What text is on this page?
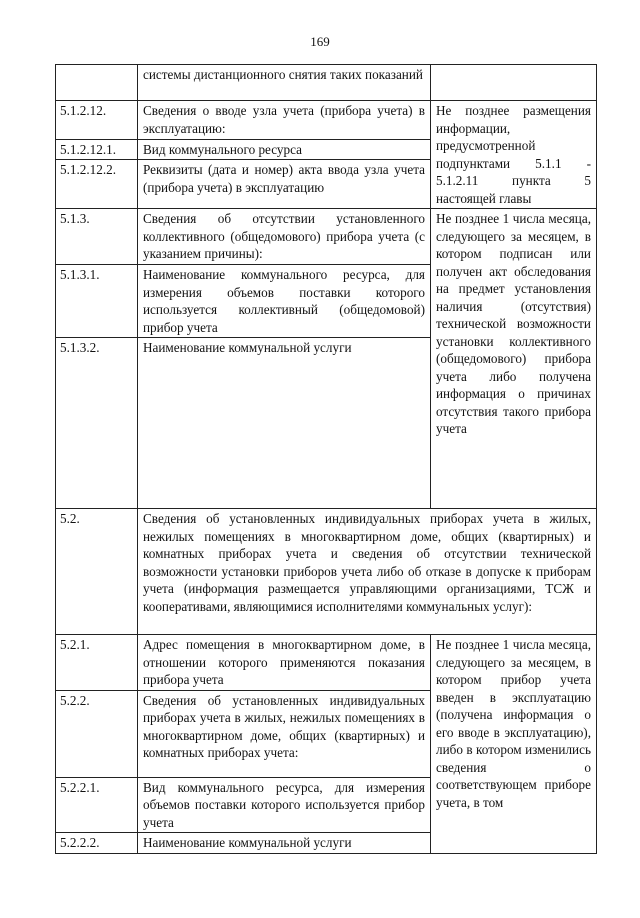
169
	системы дистанционного снятия таких показаний	
5.1.2.12.	Сведения о вводе узла учета (прибора учета) в эксплуатацию:	Не позднее размещения информации, предусмотренной подпунктами 5.1.1 - 5.1.2.11 пункта 5 настоящей главы
5.1.2.12.1.	Вид коммунального ресурса	
5.1.2.12.2.	Реквизиты (дата и номер) акта ввода узла учета (прибора учета) в эксплуатацию	
5.1.3.	Сведения об отсутствии установленного коллективного (общедомового) прибора учета (с указанием причины):	Не позднее 1 числа месяца, следующего за месяцем, в котором подписан или получен акт обследования на предмет установления наличия (отсутствия) технической возможности установки коллективного (общедомового) прибора учета либо получена информация о причинах отсутствия такого прибора учета
5.1.3.1.	Наименование коммунального ресурса, для измерения объемов поставки которого используется коллективный (общедомовой) прибор учета	
5.1.3.2.	Наименование коммунальной услуги	
5.2.	Сведения об установленных индивидуальных приборах учета в жилых, нежилых помещениях в многоквартирном доме, общих (квартирных) и комнатных приборах учета и сведения об отсутствии технической возможности установки приборов учета либо об отказе в допуске к приборам учета (информация размещается управляющими организациями, ТСЖ и кооперативами, являющимися исполнителями коммунальных услуг):	
5.2.1.	Адрес помещения в многоквартирном доме, в отношении которого применяются показания прибора учета	Не позднее 1 числа месяца, следующего за месяцем, в котором прибор учета введен в эксплуатацию (получена информация о его вводе в эксплуатацию), либо в котором изменились сведения о соответствующем приборе учета, в том
5.2.2.	Сведения об установленных индивидуальных приборах учета в жилых, нежилых помещениях в многоквартирном доме, общих (квартирных) и комнатных приборах учета:	
5.2.2.1.	Вид коммунального ресурса, для измерения объемов поставки которого используется прибор учета	
5.2.2.2.	Наименование коммунальной услуги	
